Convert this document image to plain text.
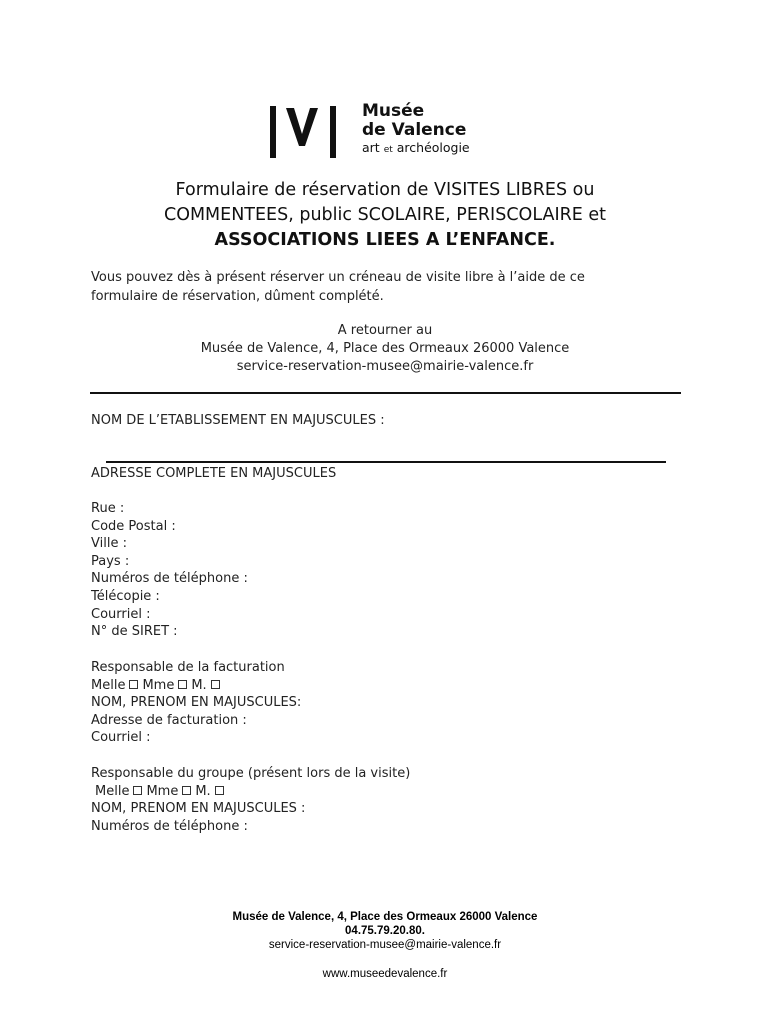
Musée
de Valence
art et archéologie

Formulaire de réservation de VISITES LIBRES ou

COMMENTEES, public SCOLAIRE, PERISCOLAIRE et

ASSOCIATIONS LIEES A L’ENFANCE.

Vous pouvez dès à présent réserver un créneau de visite libre à l’aide de ce

formulaire de réservation, dûment complété.

A retourner au

Musée de Valence, 4, Place des Ormeaux 26000 Valence

service-reservation-musee@mairie-valence.fr

NOM DE L’ETABLISSEMENT EN MAJUSCULES :
ADRESSE COMPLETE EN MAJUSCULES

Rue :

Code Postal :

Ville :

Pays :

Numéros de téléphone :

Télécopie :

Courriel :

N° de SIRET :

Responsable de la facturation

Melle Mme M.

NOM, PRENOM EN MAJUSCULES:

Adresse de facturation :

Courriel :

Responsable du groupe (présent lors de la visite)

Melle Mme M.

NOM, PRENOM EN MAJUSCULES :

Numéros de téléphone :

Musée de Valence, 4, Place des Ormeaux 26000 Valence

04.75.79.20.80.

service-reservation-musee@mairie-valence.fr

www.museedevalence.fr
